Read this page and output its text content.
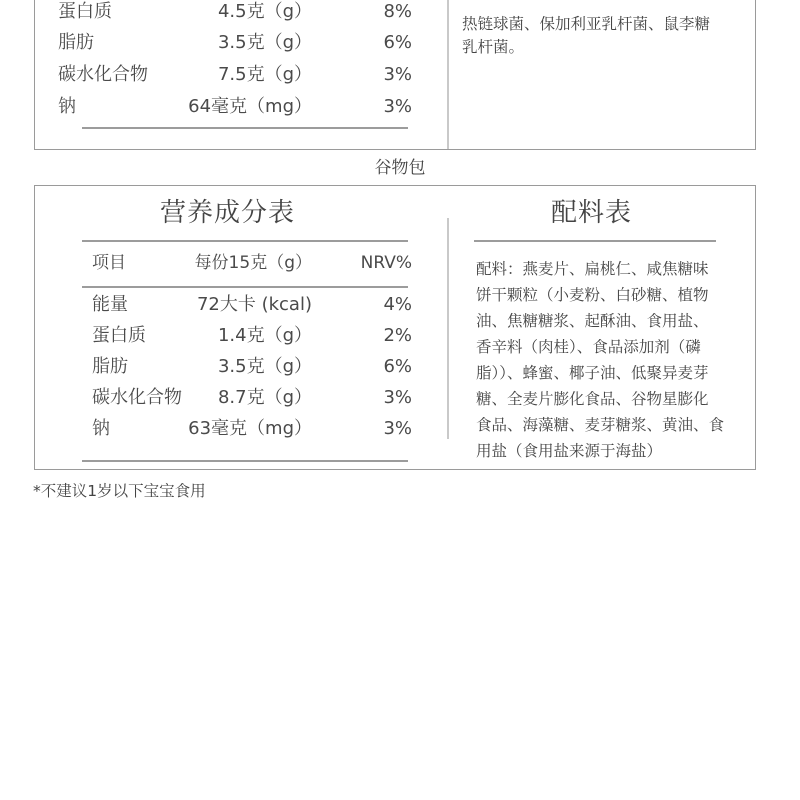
蛋白质	4.5克（g）	8%
脂肪	3.5克（g）	6%
碳水化合物	7.5克（g）	3%
钠	64毫克（mg）	3%
热链球菌、保加利亚乳杆菌、鼠李糖
乳杆菌。
谷物包
营养成分表
项目	每份15克（g）	NRV%
能量	72大卡 (kcal)	4%
蛋白质	1.4克（g）	2%
脂肪	3.5克（g）	6%
碳水化合物	8.7克（g）	3%
钠	63毫克（mg）	3%
配料表
配料：燕麦片、扁桃仁、咸焦糖味
饼干颗粒（小麦粉、白砂糖、植物
油、焦糖糖浆、起酥油、食用盐、
香辛料（肉桂）、食品添加剂（磷
脂））、蜂蜜、椰子油、低聚异麦芽
糖、全麦片膨化食品、谷物星膨化
食品、海藻糖、麦芽糖浆、黄油、食
用盐（食用盐来源于海盐）
*不建议1岁以下宝宝食用
